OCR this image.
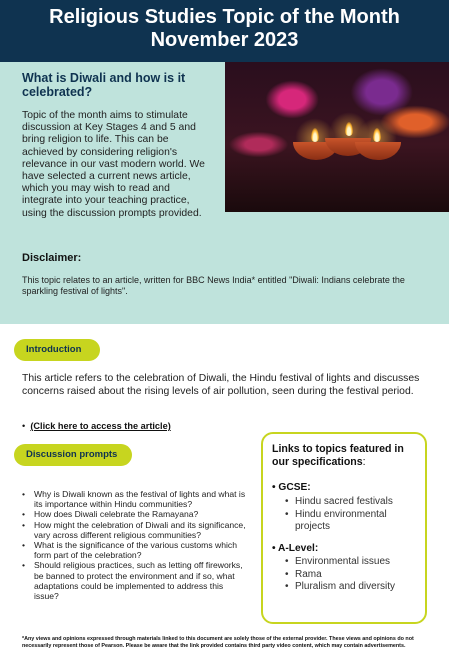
Religious Studies Topic of the Month
November 2023
What is Diwali and how is it celebrated?
Topic of the month aims to stimulate discussion at Key Stages 4 and 5 and bring religion to life. This can be achieved by considering religion's relevance in our vast modern world. We have selected a current news article, which you may wish to read and integrate into your teaching practice, using the discussion prompts provided.
Disclaimer:
This topic relates to an article, written for BBC News India* entitled "Diwali: Indians celebrate the sparkling festival of lights".
Introduction
This article refers to the celebration of Diwali, the Hindu festival of lights and discusses concerns raised about the rising levels of air pollution, seen during the festival period.
•  (Click here to access the article)
Discussion prompts
• Why is Diwali known as the festival of lights and what is its importance within Hindu communities?
• How does Diwali celebrate the Ramayana?
• How might the celebration of Diwali and its significance, vary across different religious communities?
• What is the significance of the various customs which form part of the celebration?
• Should religious practices, such as letting off fireworks, be banned to protect the environment and if so, what adaptations could be implemented to address this issue?
Links to topics featured in our specifications:
• GCSE:
• Hindu sacred festivals
• Hindu environmental projects
• A-Level:
• Environmental issues
• Rama
• Pluralism and diversity
*Any views and opinions expressed through materials linked to this document are solely those of the external provider. These views and opinions do not necessarily represent those of Pearson. Please be aware that the link provided contains third party video content, which may contain advertisements.
